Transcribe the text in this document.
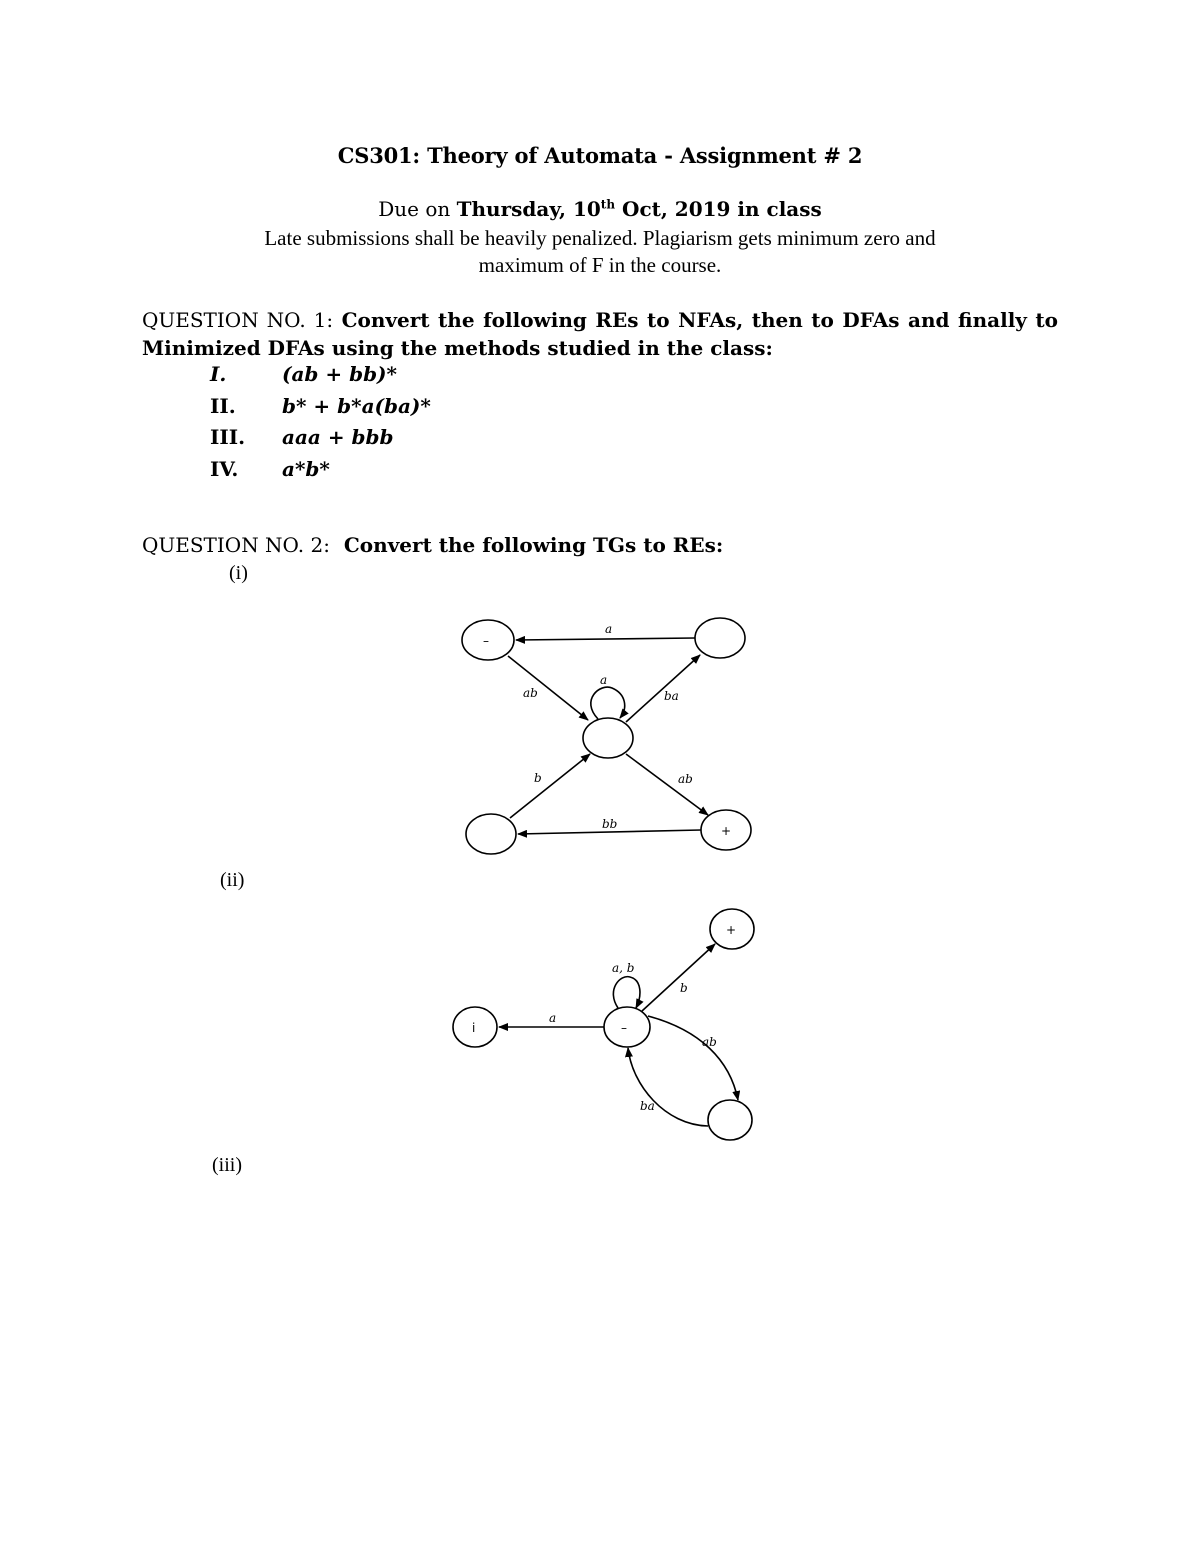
CS301: Theory of Automata - Assignment # 2
Due on Thursday, 10th Oct, 2019 in class
Late submissions shall be heavily penalized. Plagiarism gets minimum zero and
maximum of F in the course.
QUESTION NO. 1: Convert the following REs to NFAs, then to DFAs and finally to Minimized DFAs using the methods studied in the class:
I.	(ab + bb)*
II. b* + b*a(ba)*
III. aaa + bbb
IV. a*b*
QUESTION NO. 2: Convert the following TGs to REs:
(i)
(ii)
(iii)
–
+
a
ab
a
ba
b	ab
bb
i	–
+
a, b
a
b
ab
ba
